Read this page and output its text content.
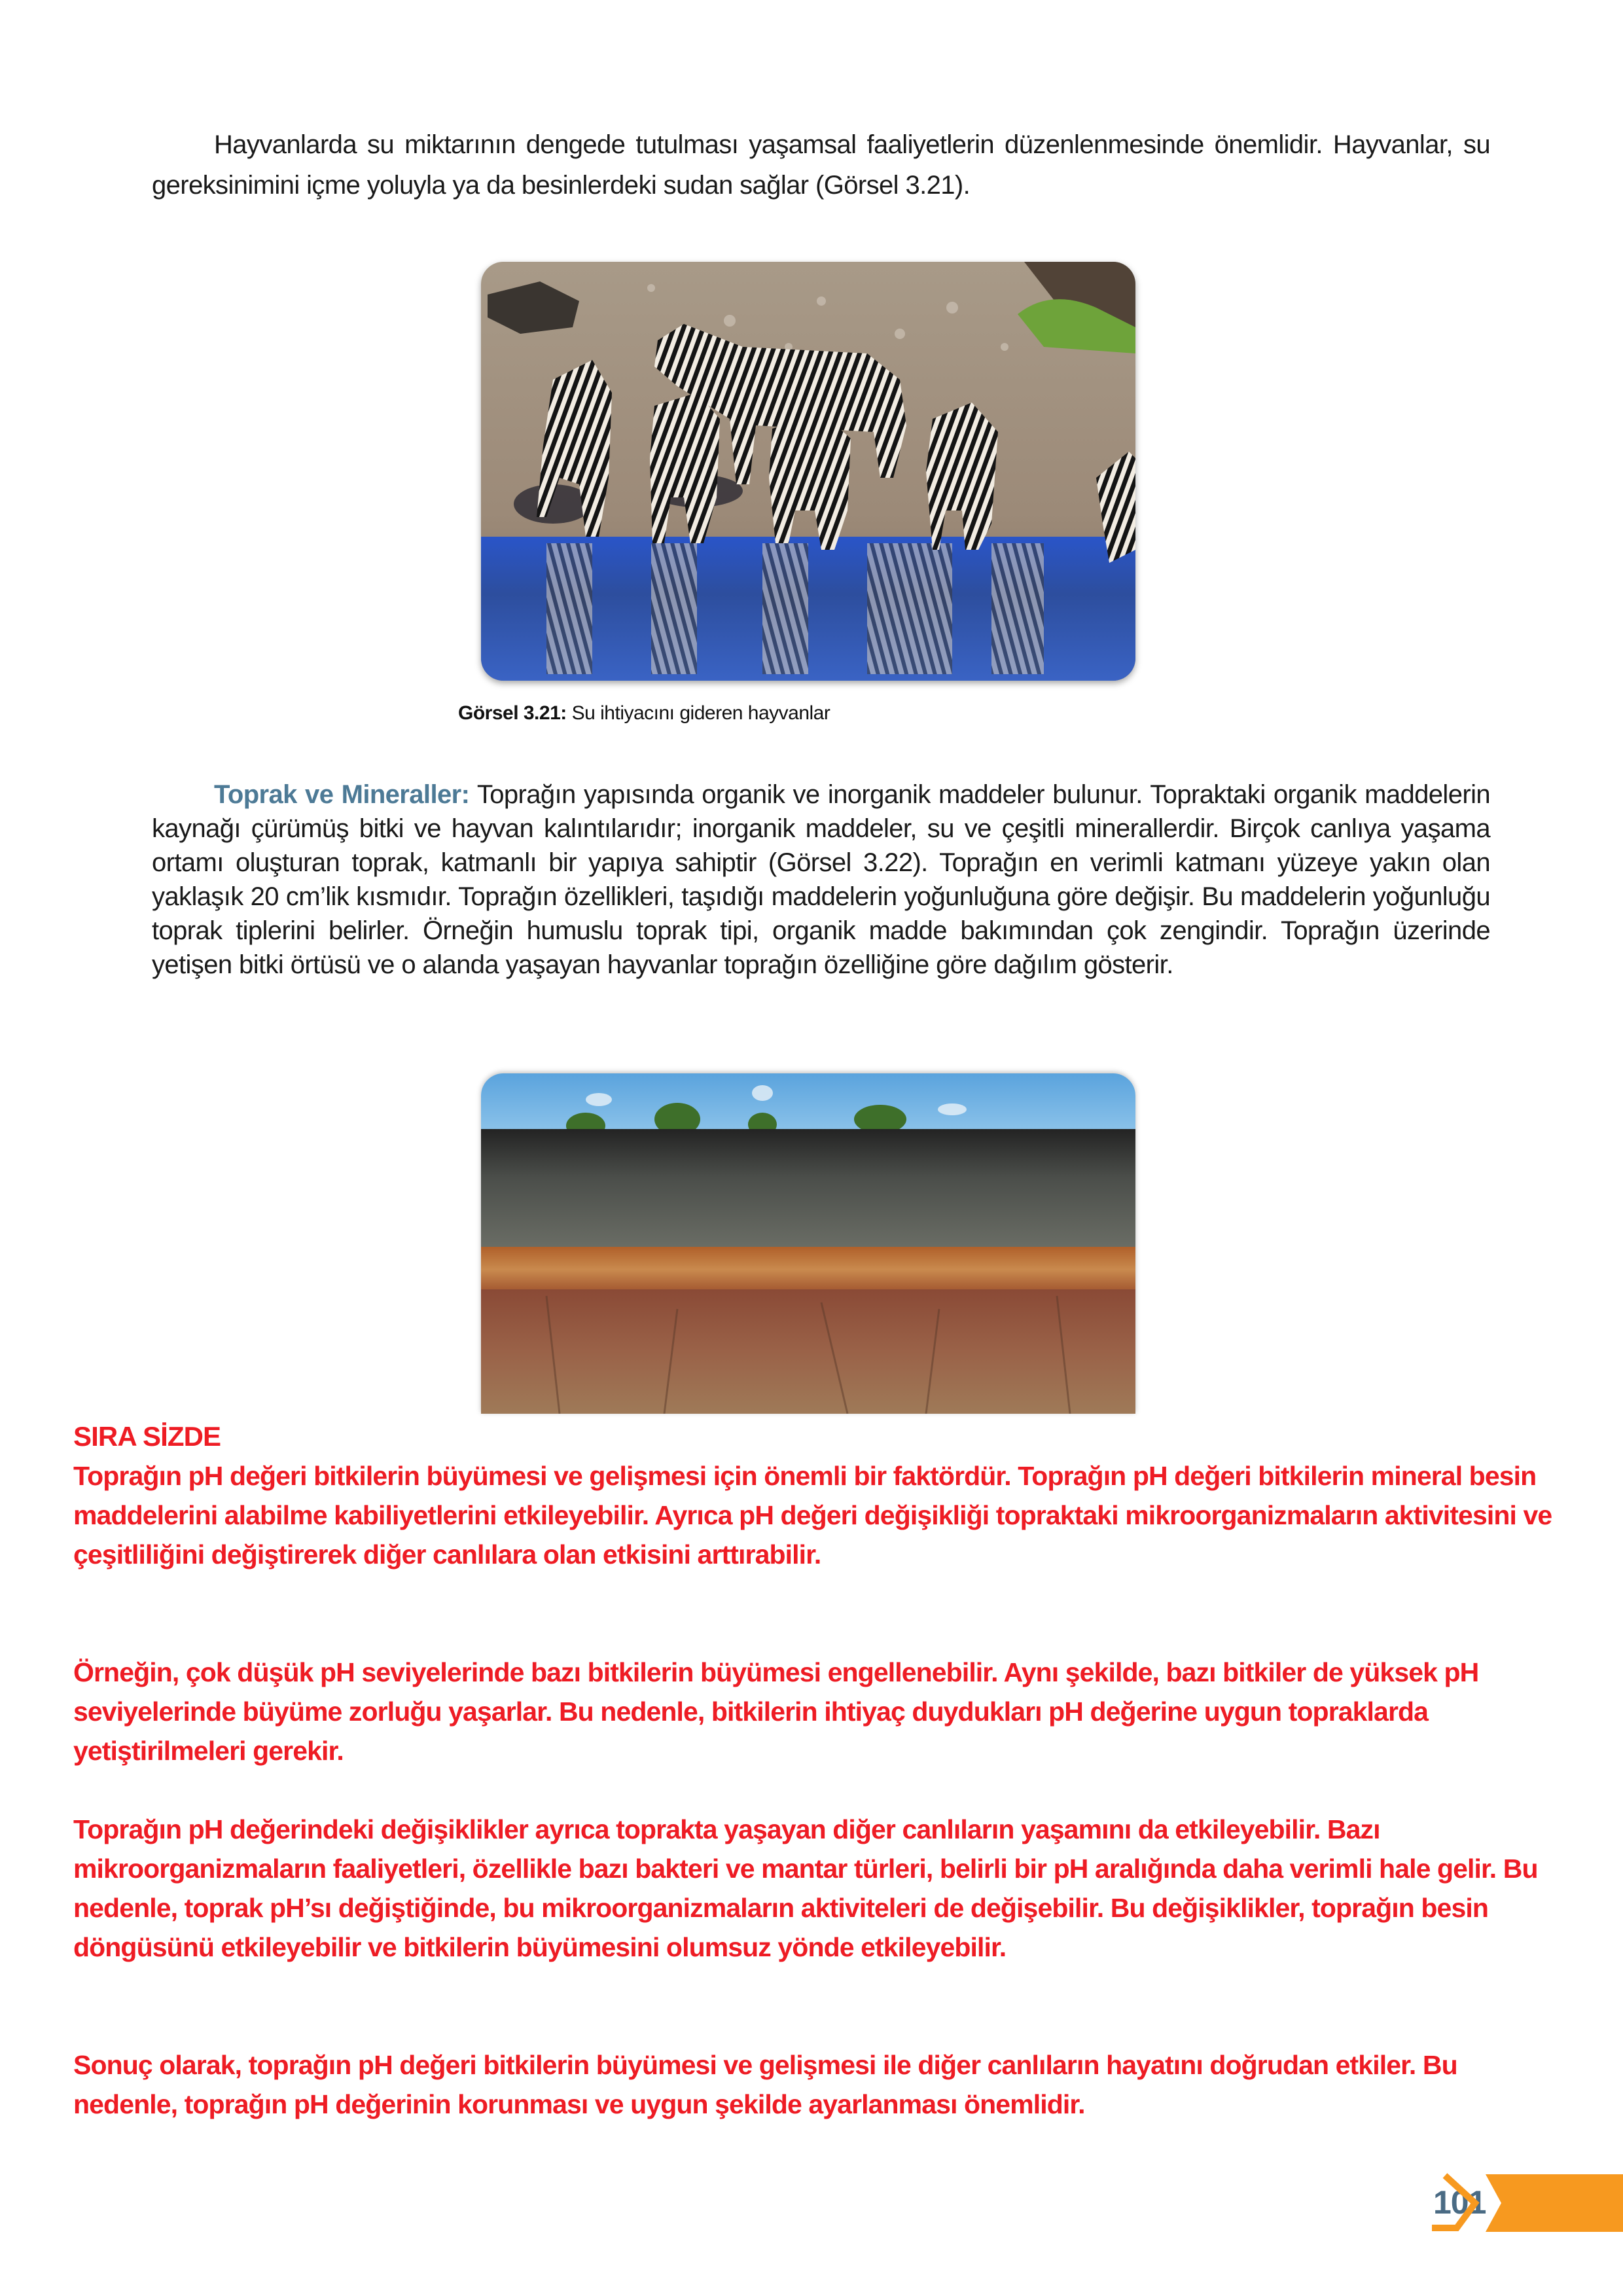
Hayvanlarda su miktarının dengede tutulması yaşamsal faaliyetlerin düzenlenmesinde önemlidir. Hayvanlar, su gereksinimini içme yoluyla ya da besinlerdeki sudan sağlar (Görsel 3.21).
Görsel 3.21: Su ihtiyacını gideren hayvanlar
Toprak ve Mineraller: Toprağın yapısında organik ve inorganik maddeler bulunur. Topraktaki organik maddelerin kaynağı çürümüş bitki ve hayvan kalıntılarıdır; inorganik maddeler, su ve çeşitli minerallerdir. Birçok canlıya yaşama ortamı oluşturan toprak, katmanlı bir yapıya sahiptir (Görsel 3.22). Toprağın en verimli katmanı yüzeye yakın olan yaklaşık 20 cm’lik kısmıdır. Toprağın özellikleri, taşıdığı maddelerin yoğunluğuna göre değişir. Bu maddelerin yoğunluğu toprak tiplerini belirler. Örneğin humuslu toprak tipi, organik madde bakımından çok zengindir. Toprağın üzerinde yetişen bitki örtüsü ve o alanda yaşayan hayvanlar toprağın özelliğine göre dağılım gösterir.
SIRA SİZDE

Toprağın pH değeri bitkilerin büyümesi ve gelişmesi için önemli bir faktördür. Toprağın pH değeri bitkilerin mineral besin maddelerini alabilme kabiliyetlerini etkileyebilir. Ayrıca pH değeri değişikliği topraktaki mikroorganizmaların aktivitesini ve çeşitliliğini değiştirerek diğer canlılara olan etkisini arttırabilir.

Örneğin, çok düşük pH seviyelerinde bazı bitkilerin büyümesi engellenebilir. Aynı şekilde, bazı bitkiler de yüksek pH seviyelerinde büyüme zorluğu yaşarlar. Bu nedenle, bitkilerin ihtiyaç duydukları pH değerine uygun topraklarda yetiştirilmeleri gerekir.

Toprağın pH değerindeki değişiklikler ayrıca toprakta yaşayan diğer canlıların yaşamını da etkileyebilir. Bazı mikroorganizmaların faaliyetleri, özellikle bazı bakteri ve mantar türleri, belirli bir pH aralığında daha verimli hale gelir. Bu nedenle, toprak pH’sı değiştiğinde, bu mikroorganizmaların aktiviteleri de değişebilir. Bu değişiklikler, toprağın besin döngüsünü etkileyebilir ve bitkilerin büyümesini olumsuz yönde etkileyebilir.

Sonuç olarak, toprağın pH değeri bitkilerin büyümesi ve gelişmesi ile diğer canlıların hayatını doğrudan etkiler. Bu nedenle, toprağın pH değerinin korunması ve uygun şekilde ayarlanması önemlidir.

101
